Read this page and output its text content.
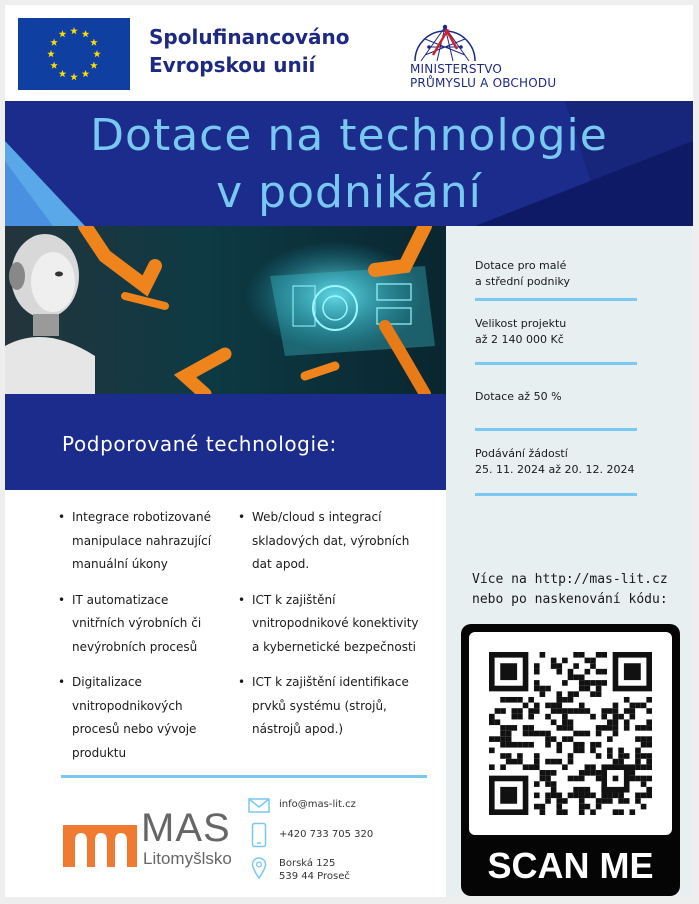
Spolufinancováno
Evropskou unií	MINISTERSTVO
PRŮMYSLU A OBCHODU
Dotace na technologie
v podnikání
Dotace pro malé
a střední podniky
Velikost projektu
až 2 140 000 Kč
Dotace až 50 %
Podávání žádostí
25. 11. 2024 až 20. 12. 2024
Více na http://mas-lit.cz
nebo po naskenování kódu:
SCAN ME
Podporované technologie:
• Integrace robotizované manipulace nahrazující manuální úkony
• IT automatizace vnitřních výrobních či nevýrobních procesů
• Digitalizace vnitropodnikových procesů nebo vývoje produktu
• Web/cloud s integrací skladových dat, výrobních dat apod.
• ICT k zajištění vnitropodnikové konektivity a kybernetické bezpečnosti
• ICT k zajištění identifikace prvků systému (strojů, nástrojů apod.)
MAS
Litomyšlsko
info@mas-lit.cz
+420 733 705 320
Borská 125
539 44 Proseč
